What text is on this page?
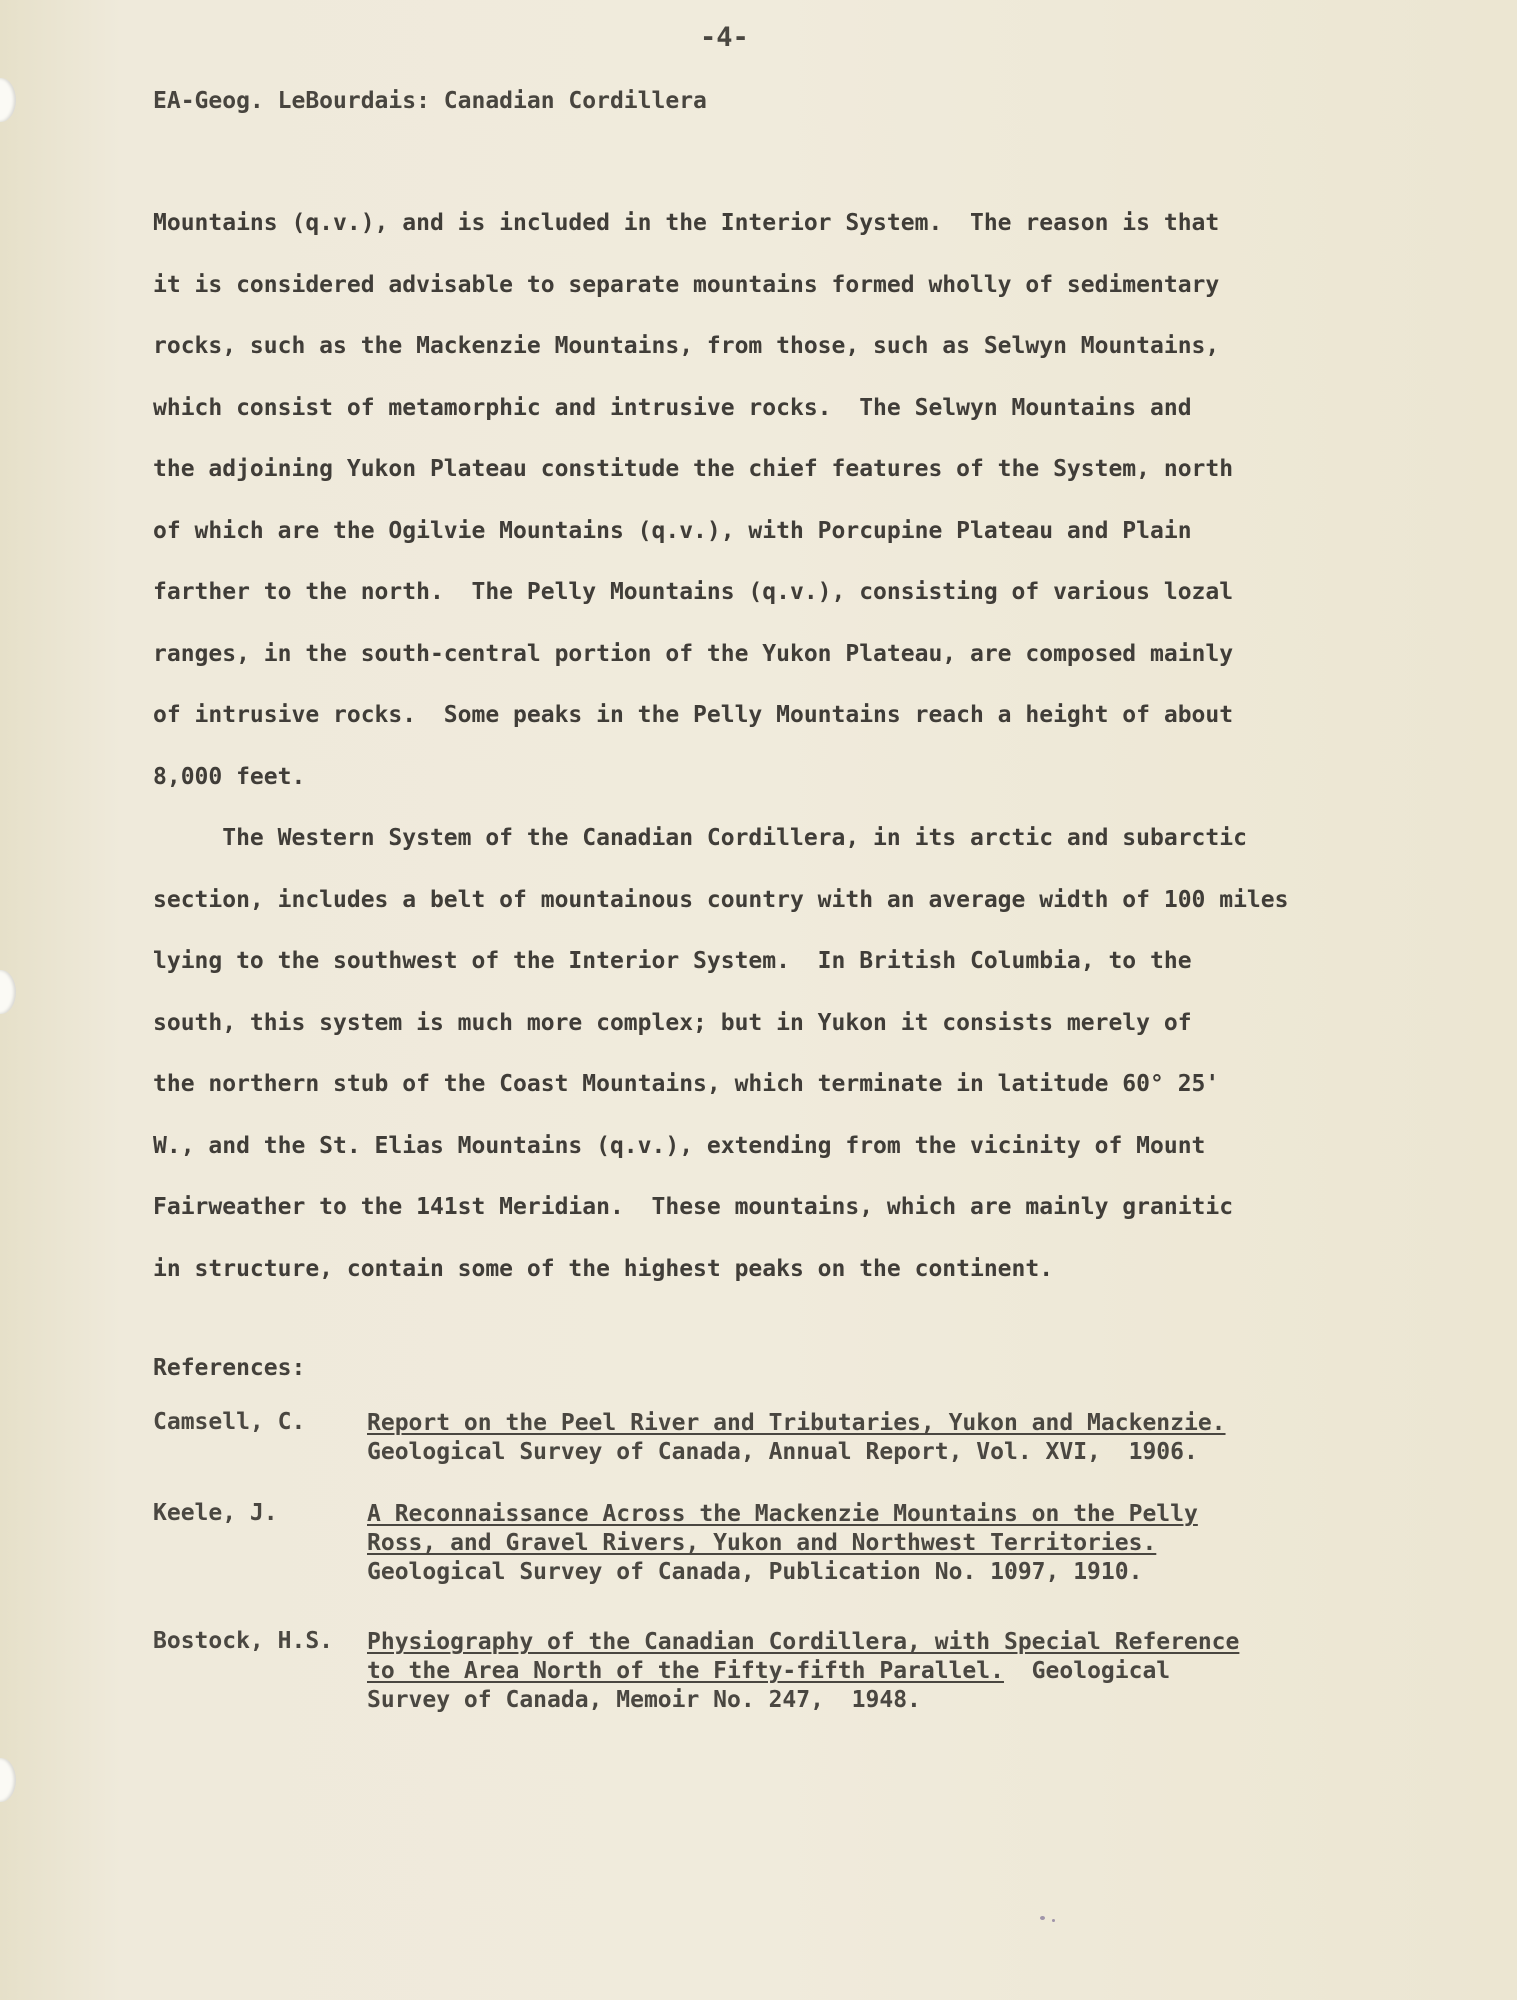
-4-
EA-Geog. LeBourdais: Canadian Cordillera
Mountains (q.v.), and is included in the Interior System.  The reason is that
it is considered advisable to separate mountains formed wholly of sedimentary
rocks, such as the Mackenzie Mountains, from those, such as Selwyn Mountains,
which consist of metamorphic and intrusive rocks.  The Selwyn Mountains and
the adjoining Yukon Plateau constitude the chief features of the System, north
of which are the Ogilvie Mountains (q.v.), with Porcupine Plateau and Plain
farther to the north.  The Pelly Mountains (q.v.), consisting of various lozal
ranges, in the south-central portion of the Yukon Plateau, are composed mainly
of intrusive rocks.  Some peaks in the Pelly Mountains reach a height of about
8,000 feet.
The Western System of the Canadian Cordillera, in its arctic and subarctic
section, includes a belt of mountainous country with an average width of 100 miles
lying to the southwest of the Interior System.  In British Columbia, to the
south, this system is much more complex; but in Yukon it consists merely of
the northern stub of the Coast Mountains, which terminate in latitude 60° 25'
W., and the St. Elias Mountains (q.v.), extending from the vicinity of Mount
Fairweather to the 141st Meridian.  These mountains, which are mainly granitic
in structure, contain some of the highest peaks on the continent.
References:
Camsell, C.	Report on the Peel River and Tributaries, Yukon and Mackenzie.
Geological Survey of Canada, Annual Report, Vol. XVI,  1906.
Keele, J.	A Reconnaissance Across the Mackenzie Mountains on the Pelly
Ross, and Gravel Rivers, Yukon and Northwest Territories.
Geological Survey of Canada, Publication No. 1097, 1910.
Bostock, H.S. Physiography of the Canadian Cordillera, with Special Reference
to the Area North of the Fifty-fifth Parallel.  Geological
Survey of Canada, Memoir No. 247,  1948.
